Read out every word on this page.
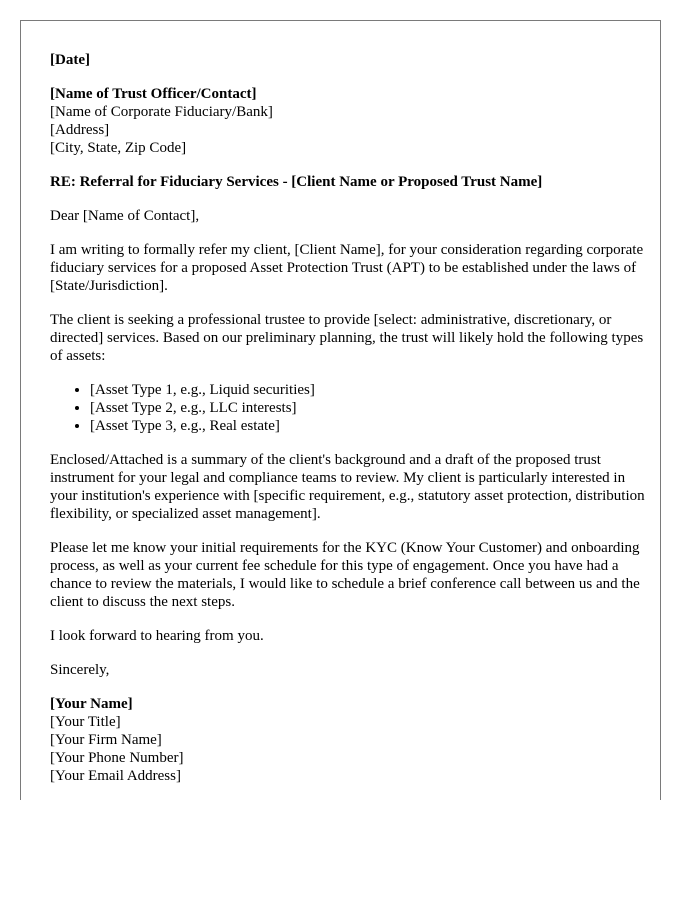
[Date]
[Name of Trust Officer/Contact]
[Name of Corporate Fiduciary/Bank]
[Address]
[City, State, Zip Code]
RE: Referral for Fiduciary Services - [Client Name or Proposed Trust Name]

Dear [Name of Contact],

I am writing to formally refer my client, [Client Name], for your consideration regarding corporate fiduciary services for a proposed Asset Protection Trust (APT) to be established under the laws of [State/Jurisdiction].

The client is seeking a professional trustee to provide [select: administrative, discretionary, or directed] services. Based on our preliminary planning, the trust will likely hold the following types of assets:

• [Asset Type 1, e.g., Liquid securities]
• [Asset Type 2, e.g., LLC interests]
• [Asset Type 3, e.g., Real estate]

Enclosed/Attached is a summary of the client's background and a draft of the proposed trust instrument for your legal and compliance teams to review. My client is particularly interested in your institution's experience with [specific requirement, e.g., statutory asset protection, distribution flexibility, or specialized asset management].

Please let me know your initial requirements for the KYC (Know Your Customer) and onboarding process, as well as your current fee schedule for this type of engagement. Once you have had a chance to review the materials, I would like to schedule a brief conference call between us and the client to discuss the next steps.

I look forward to hearing from you.

Sincerely,

[Your Name]
[Your Title]
[Your Firm Name]
[Your Phone Number]
[Your Email Address]
